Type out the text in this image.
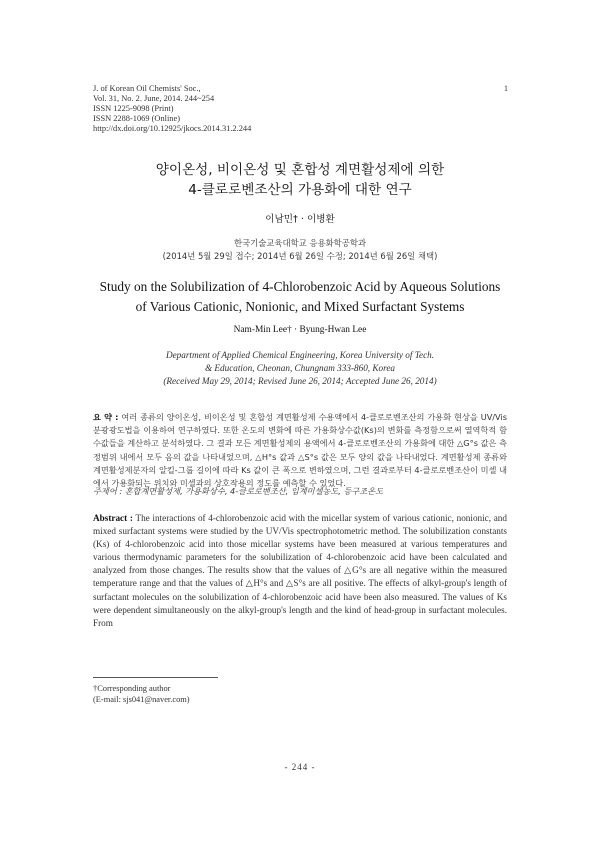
J. of Korean Oil Chemists' Soc.,
Vol. 31, No. 2. June, 2014. 244~254
ISSN 1225-9098 (Print)
ISSN 2288-1069 (Online)
http://dx.doi.org/10.12925/jkocs.2014.31.2.244
1
양이온성, 비이온성 및 혼합성 계면활성제에 의한
4-클로로벤조산의 가용화에 대한 연구
이남민† · 이병환
한국기술교육대학교 응용화학공학과
(2014년 5월 29일 접수; 2014년 6월 26일 수정; 2014년 6월 26일 채택)
Study on the Solubilization of 4-Chlorobenzoic Acid by Aqueous Solutions
of Various Cationic, Nonionic, and Mixed Surfactant Systems
Nam-Min Lee† · Byung-Hwan Lee
Department of Applied Chemical Engineering, Korea University of Tech.
& Education, Cheonan, Chungnam 333-860, Korea
(Received May 29, 2014; Revised June 26, 2014; Accepted June 26, 2014)
요 약 : 여러 종류의 양이온성, 비이온성 및 혼합성 계면활성제 수용액에서 4-클로로벤조산의 가용화 현상을 UV/Vis 분광광도법을 이용하여 연구하였다. 또한 온도의 변화에 따른 가용화상수값(Ks)의 변화를 측정함으로써 열역학적 함수값들을 계산하고 분석하였다. 그 결과 모든 계면활성제의 용액에서 4-클로로벤조산의 가용화에 대한 △G°s 값은 측정범위 내에서 모두 음의 값을 나타내었으며, △H°s 값과 △S°s 값은 모두 양의 값을 나타내었다. 계면활성제 종류와 계면활성제분자의 알킬-그룹 길이에 따라 Ks 값이 큰 폭으로 변하였으며, 그런 결과로부터 4-클로로벤조산이 미셀 내에서 가용화되는 위치와 미셀과의 상호작용의 정도를 예측할 수 있었다.
주제어 : 혼합계면활성제, 가용화상수, 4-클로로벤조산, 임계미셀농도, 등구조온도
Abstract : The interactions of 4-chlorobenzoic acid with the micellar system of various cationic, nonionic, and mixed surfactant systems were studied by the UV/Vis spectrophotometric method. The solubilization constants (Ks) of 4-chlorobenzoic acid into those micellar systems have been measured at various temperatures and various thermodynamic parameters for the solubilization of 4-chlorobenzoic acid have been calculated and analyzed from those changes. The results show that the values of △G°s are all negative within the measured temperature range and that the values of △H°s and △S°s are all positive. The effects of alkyl-group's length of surfactant molecules on the solubilization of 4-chlorobenzoic acid have been also measured. The values of Ks were dependent simultaneously on the alkyl-group's length and the kind of head-group in surfactant molecules. From
†Corresponding author
(E-mail: sjs041@naver.com)
- 244 -
